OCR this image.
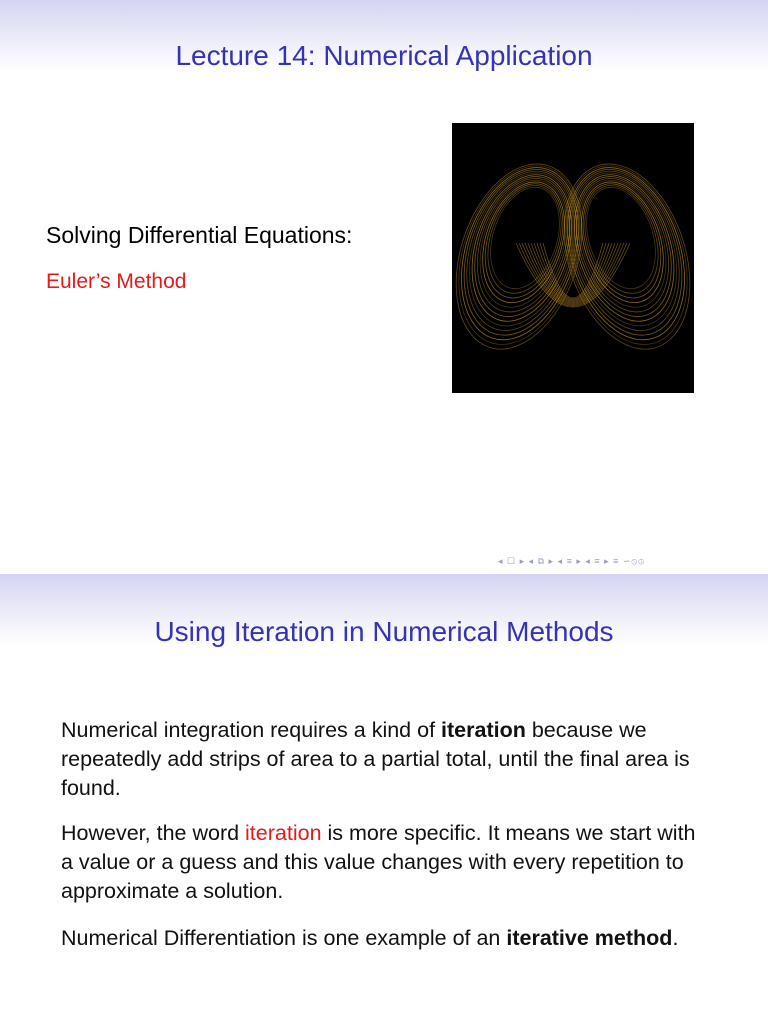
Lecture 14: Numerical Application
Solving Differential Equations:
Euler’s Method
◂ ☐ ▸ ◂ ⧉ ▸ ◂ ≡ ▸ ◂ ≡ ▸ ≡ ∽⦸⦹
Using Iteration in Numerical Methods
Numerical integration requires a kind of iteration because we repeatedly add strips of area to a partial total, until the final area is found.
However, the word iteration is more specific. It means we start with a value or a guess and this value changes with every repetition to approximate a solution.
Numerical Differentiation is one example of an iterative method.
